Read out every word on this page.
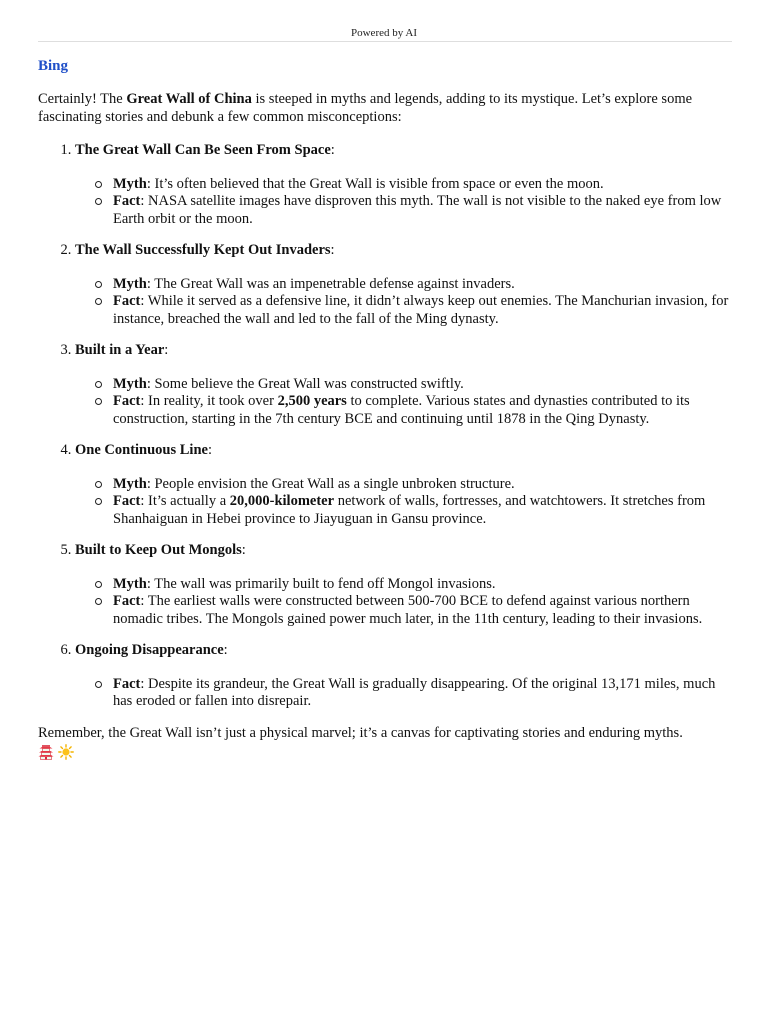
Powered by AI
Bing

Certainly! The Great Wall of China is steeped in myths and legends, adding to its mystique. Let’s explore some fascinating stories and debunk a few common misconceptions:

1. The Great Wall Can Be Seen From Space:
Myth: It’s often believed that the Great Wall is visible from space or even the moon.
Fact: NASA satellite images have disproven this myth. The wall is not visible to the naked eye from low Earth orbit or the moon.
2. The Wall Successfully Kept Out Invaders:
Myth: The Great Wall was an impenetrable defense against invaders.
Fact: While it served as a defensive line, it didn’t always keep out enemies. The Manchurian invasion, for instance, breached the wall and led to the fall of the Ming dynasty.
3. Built in a Year:
Myth: Some believe the Great Wall was constructed swiftly.
Fact: In reality, it took over 2,500 years to complete. Various states and dynasties contributed to its construction, starting in the 7th century BCE and continuing until 1878 in the Qing Dynasty.
4. One Continuous Line:
Myth: People envision the Great Wall as a single unbroken structure.
Fact: It’s actually a 20,000-kilometer network of walls, fortresses, and watchtowers. It stretches from Shanhaiguan in Hebei province to Jiayuguan in Gansu province.
5. Built to Keep Out Mongols:
Myth: The wall was primarily built to fend off Mongol invasions.
Fact: The earliest walls were constructed between 500-700 BCE to defend against various northern nomadic tribes. The Mongols gained power much later, in the 11th century, leading to their invasions.
6. Ongoing Disappearance:
Fact: Despite its grandeur, the Great Wall is gradually disappearing. Of the original 13,171 miles, much has eroded or fallen into disrepair.

Remember, the Great Wall isn’t just a physical marvel; it’s a canvas for captivating stories and enduring myths.
